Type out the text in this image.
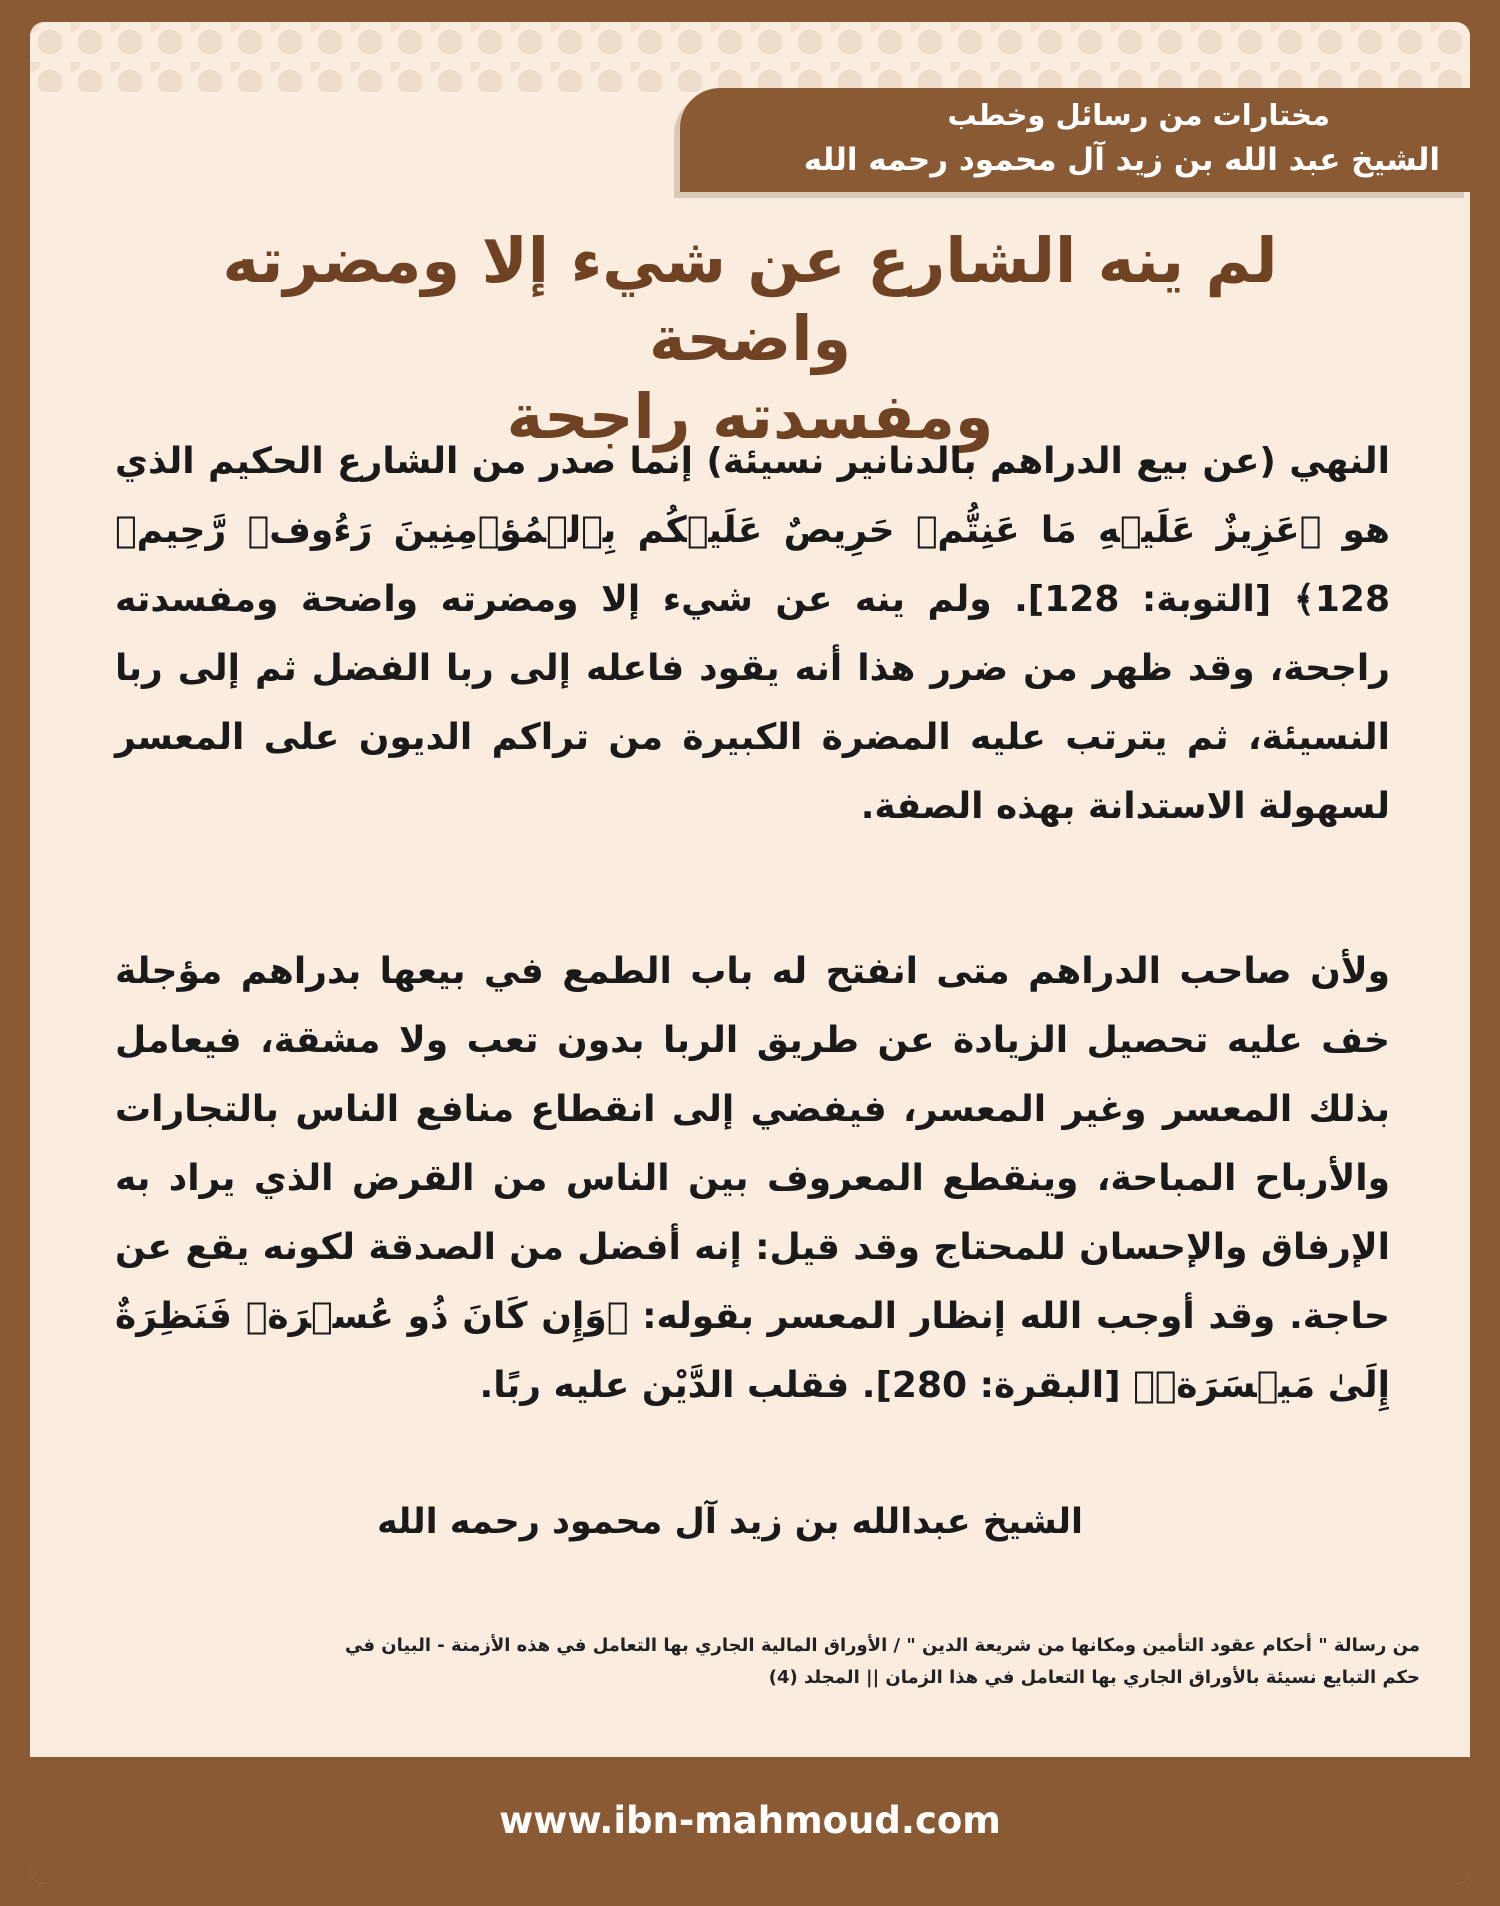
مختارات من رسائل وخطب
الشيخ عبد الله بن زيد آل محمود رحمه الله
لم ينه الشارع عن شيء إلا ومضرته واضحة
ومفسدته راجحة

النهي (عن بيع الدراهم بالدنانير نسيئة) إنما صدر من الشارع الحكيم الذي هو ﴿عَزِيزٌ عَلَيۡهِ مَا عَنِتُّمۡ حَرِيصٌ عَلَيۡكُم بِٱلۡمُؤۡمِنِينَ رَءُوفٞ رَّحِيمٞ 128﴾ [التوبة: 128]. ولم ينه عن شيء إلا ومضرته واضحة ومفسدته راجحة، وقد ظهر من ضرر هذا أنه يقود فاعله إلى ربا الفضل ثم إلى ربا النسيئة، ثم يترتب عليه المضرة الكبيرة من تراكم الديون على المعسر لسهولة الاستدانة بهذه الصفة.

ولأن صاحب الدراهم متى انفتح له باب الطمع في بيعها بدراهم مؤجلة خف عليه تحصيل الزيادة عن طريق الربا بدون تعب ولا مشقة، فيعامل بذلك المعسر وغير المعسر، فيفضي إلى انقطاع منافع الناس بالتجارات والأرباح المباحة، وينقطع المعروف بين الناس من القرض الذي يراد به الإرفاق والإحسان للمحتاج وقد قيل: إنه أفضل من الصدقة لكونه يقع عن حاجة. وقد أوجب الله إنظار المعسر بقوله: ﴿وَإِن كَانَ ذُو عُسۡرَةٖ فَنَظِرَةٌ إِلَىٰ مَيۡسَرَةٖ﴾ [البقرة: 280]. فقلب الدَّيْن عليه ربًا.

الشيخ عبدالله بن زيد آل محمود رحمه الله
من رسالة " أحكام عقود التأمين ومكانها من شريعة الدين " / الأوراق المالية الجاري بها التعامل في هذه الأزمنة - البيان في
حكم التبايع نسيئة بالأوراق الجاري بها التعامل في هذا الزمان || المجلد (4)
www.ibn-mahmoud.com
